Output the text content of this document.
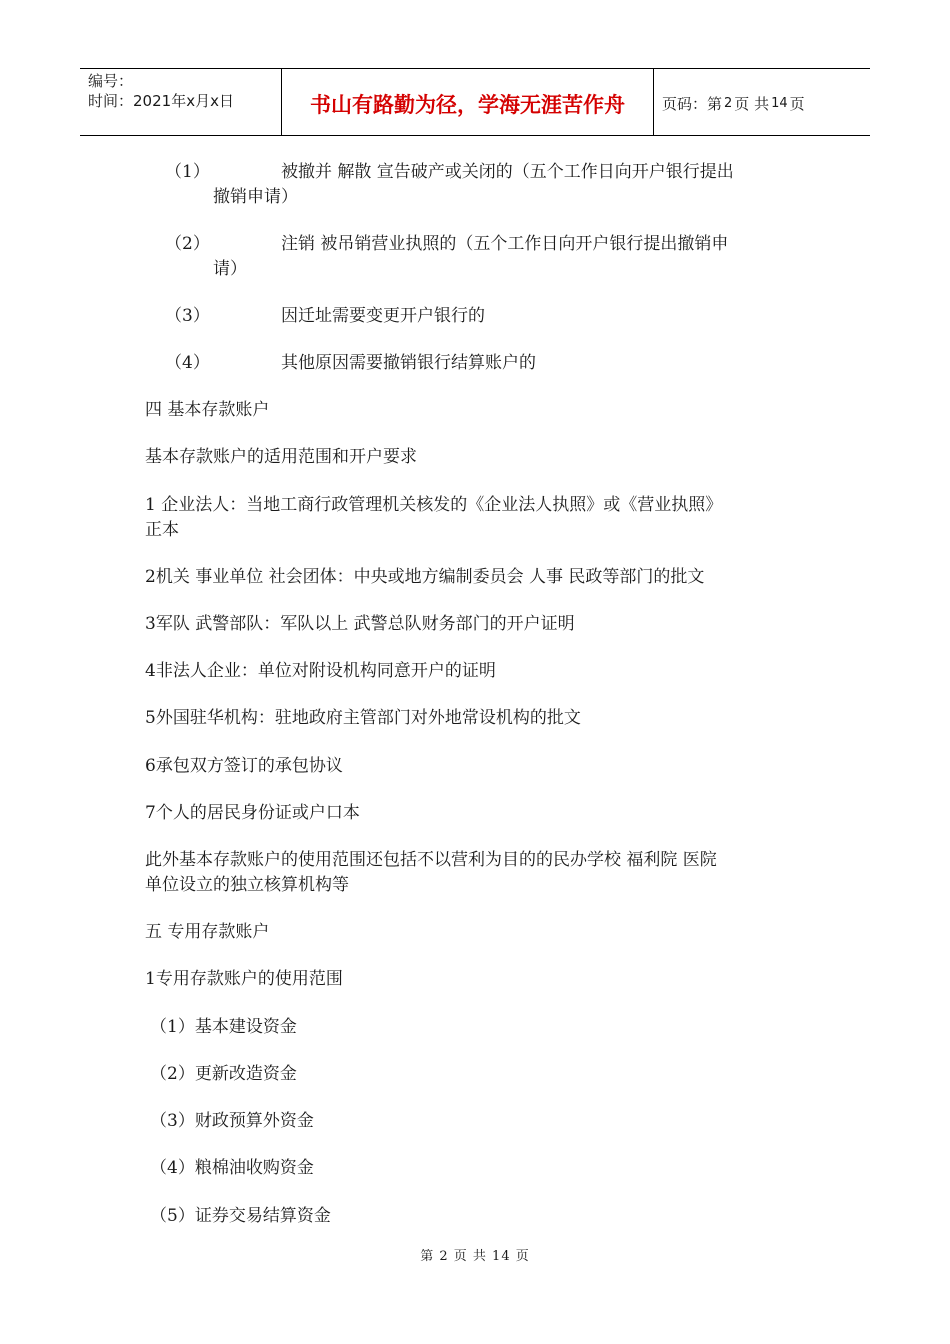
编号：
时间：2021年x月x日	书山有路勤为径，学海无涯苦作舟	页码：第 2 页 共 14 页
（1）	被撤并 解散 宣告破产或关闭的（五个工作日向开户银行提出
撤销申请）
（2）	注销 被吊销营业执照的（五个工作日向开户银行提出撤销申
请）
（3）	因迁址需要变更开户银行的
（4）	其他原因需要撤销银行结算账户的
四 基本存款账户
基本存款账户的适用范围和开户要求
1 企业法人：当地工商行政管理机关核发的《企业法人执照》或《营业执照》
正本
2机关 事业单位 社会团体：中央或地方编制委员会 人事 民政等部门的批文
3军队 武警部队：军队以上 武警总队财务部门的开户证明
4非法人企业：单位对附设机构同意开户的证明
5外国驻华机构：驻地政府主管部门对外地常设机构的批文
6承包双方签订的承包协议
7个人的居民身份证或户口本
此外基本存款账户的使用范围还包括不以营利为目的的民办学校 福利院 医院
单位设立的独立核算机构等
五 专用存款账户
1专用存款账户的使用范围
（1）基本建设资金
（2）更新改造资金
（3）财政预算外资金
（4）粮棉油收购资金
（5）证券交易结算资金
第 2 页 共 14 页
